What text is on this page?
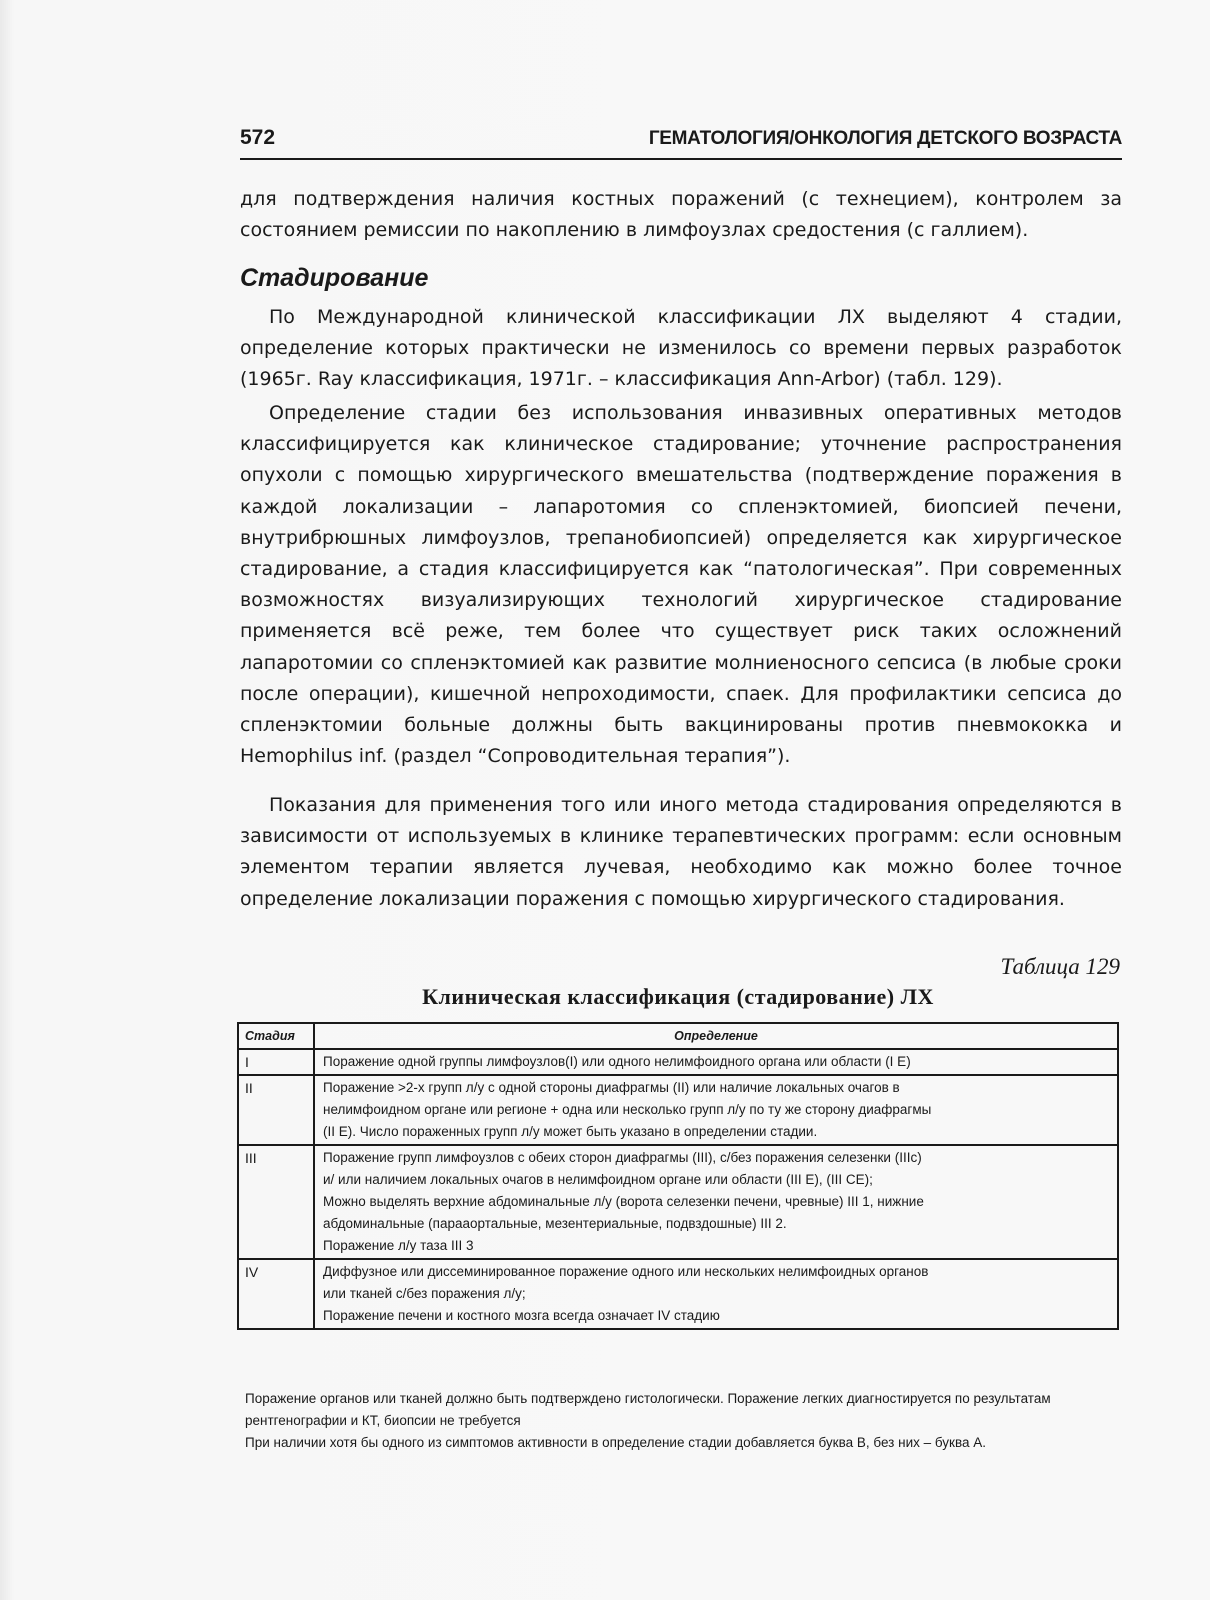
572	ГЕМАТОЛОГИЯ/ОНКОЛОГИЯ ДЕТСКОГО ВОЗРАСТА

для подтверждения наличия костных поражений (с технецием), контролем за состоянием ремиссии по накоплению в лимфоузлах средостения (с галлием).

Стадирование

По Международной клинической классификации ЛХ выделяют 4 стадии, определение которых практически не изменилось со времени первых разработок (1965г. Ray классификация, 1971г. – классификация Ann-Arbor) (табл. 129).

Определение стадии без использования инвазивных оперативных методов классифицируется как клиническое стадирование; уточнение распространения опухоли с помощью хирургического вмешательства (подтверждение поражения в каждой локализации – лапаротомия со спленэктомией, биопсией печени, внутрибрюшных лимфоузлов, трепанобиопсией) определяется как хирургическое стадирование, а стадия классифицируется как “патологическая”. При современных возможностях визуализирующих технологий хирургическое стадирование применяется всё реже, тем более что существует риск таких осложнений лапаротомии со спленэктомией как развитие молниеносного сепсиса (в любые сроки после операции), кишечной непроходимости, спаек. Для профилактики сепсиса до спленэктомии больные должны быть вакцинированы против пневмококка и Hemophilus inf. (раздел “Сопроводительная терапия”).

Показания для применения того или иного метода стадирования определяются в зависимости от используемых в клинике терапевтических программ: если основным элементом терапии является лучевая, необходимо как можно более точное определение локализации поражения с помощью хирургического стадирования.

Таблица 129
Клиническая классификация (стадирование) ЛХ
Стадия	Определение
I	Поражение одной группы лимфоузлов(I) или одного нелимфоидного органа или области (I E)

II	Поражение >2-х групп л/у с одной стороны диафрагмы (II) или наличие локальных очагов в
нелимфоидном органе или регионе + одна или несколько групп л/у по ту же сторону диафрагмы
(II E). Число пораженных групп л/у может быть указано в определении стадии.

III	Поражение групп лимфоузлов с обеих сторон диафрагмы (III), с/без поражения селезенки (IIIс)
и/ или наличием локальных очагов в нелимфоидном органе или области (III E), (III CE);
Можно выделять верхние абдоминальные л/у (ворота селезенки печени, чревные) III 1, нижние
абдоминальные (парааортальные, мезентериальные, подвздошные) III 2.
Поражение л/у таза III 3

IV	Диффузное или диссеминированное поражение одного или нескольких нелимфоидных органов
или тканей с/без поражения л/у;
Поражение печени и костного мозга всегда означает IV стадию
Поражение органов или тканей должно быть подтверждено гистологически. Поражение легких диагностируется по результатам рентгенографии и КТ, биопсии не требуется
При наличии хотя бы одного из симптомов активности в определение стадии добавляется буква В, без них – буква А.
